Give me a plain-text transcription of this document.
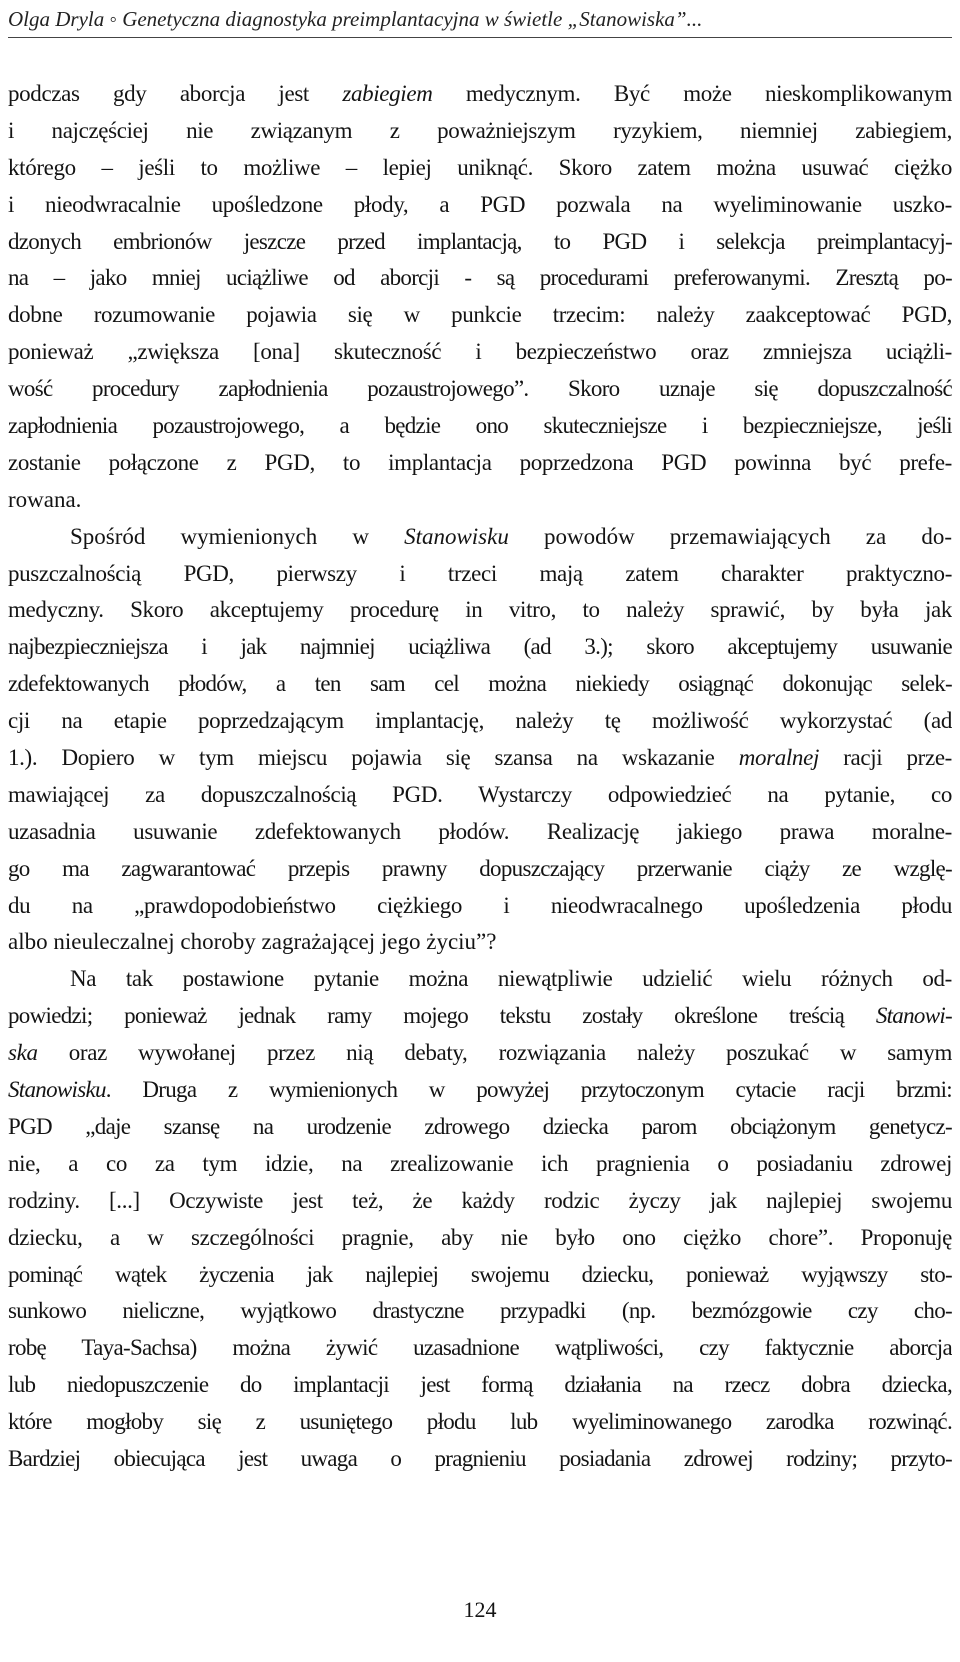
Olga Dryla ◦ Genetyczna diagnostyka preimplantacyjna w świetle „Stanowiska”...
podczas gdy aborcja jest zabiegiem medycznym. Być może nieskomplikowanym
i najczęściej nie związanym z poważniejszym ryzykiem, niemniej zabiegiem,
którego – jeśli to możliwe – lepiej uniknąć. Skoro zatem można usuwać ciężko
i nieodwracalnie upośledzone płody, a PGD pozwala na wyeliminowanie uszko-
dzonych embrionów jeszcze przed implantacją, to PGD i selekcja preimplantacyj-
na – jako mniej uciążliwe od aborcji - są procedurami preferowanymi. Zresztą po-
dobne rozumowanie pojawia się w punkcie trzecim: należy zaakceptować PGD,
ponieważ „zwiększa [ona] skuteczność i bezpieczeństwo oraz zmniejsza uciążli-
wość procedury zapłodnienia pozaustrojowego”. Skoro uznaje się dopuszczalność
zapłodnienia pozaustrojowego, a będzie ono skuteczniejsze i bezpieczniejsze, jeśli
zostanie połączone z PGD, to implantacja poprzedzona PGD powinna być prefe-
rowana.
Spośród wymienionych w Stanowisku powodów przemawiających za do-
puszczalnością PGD, pierwszy i trzeci mają zatem charakter praktyczno-
medyczny. Skoro akceptujemy procedurę in vitro, to należy sprawić, by była jak
najbezpieczniejsza i jak najmniej uciążliwa (ad 3.); skoro akceptujemy usuwanie
zdefektowanych płodów, a ten sam cel można niekiedy osiągnąć dokonując selek-
cji na etapie poprzedzającym implantację, należy tę możliwość wykorzystać (ad
1.). Dopiero w tym miejscu pojawia się szansa na wskazanie moralnej racji prze-
mawiającej za dopuszczalnością PGD. Wystarczy odpowiedzieć na pytanie, co
uzasadnia usuwanie zdefektowanych płodów. Realizację jakiego prawa moralne-
go ma zagwarantować przepis prawny dopuszczający przerwanie ciąży ze wzglę-
du na „prawdopodobieństwo ciężkiego i nieodwracalnego upośledzenia płodu
albo nieuleczalnej choroby zagrażającej jego życiu”?
Na tak postawione pytanie można niewątpliwie udzielić wielu różnych od-
powiedzi; ponieważ jednak ramy mojego tekstu zostały określone treścią Stanowi-
ska oraz wywołanej przez nią debaty, rozwiązania należy poszukać w samym
Stanowisku. Druga z wymienionych w powyżej przytoczonym cytacie racji brzmi:
PGD „daje szansę na urodzenie zdrowego dziecka parom obciążonym genetycz-
nie, a co za tym idzie, na zrealizowanie ich pragnienia o posiadaniu zdrowej
rodziny. [...] Oczywiste jest też, że każdy rodzic życzy jak najlepiej swojemu
dziecku, a w szczególności pragnie, aby nie było ono ciężko chore”. Proponuję
pominąć wątek życzenia jak najlepiej swojemu dziecku, ponieważ wyjąwszy sto-
sunkowo nieliczne, wyjątkowo drastyczne przypadki (np. bezmózgowie czy cho-
robę Taya-Sachsa) można żywić uzasadnione wątpliwości, czy faktycznie aborcja
lub niedopuszczenie do implantacji jest formą działania na rzecz dobra dziecka,
które mogłoby się z usuniętego płodu lub wyeliminowanego zarodka rozwinąć.
Bardziej obiecująca jest uwaga o pragnieniu posiadania zdrowej rodziny; przyto-
124
